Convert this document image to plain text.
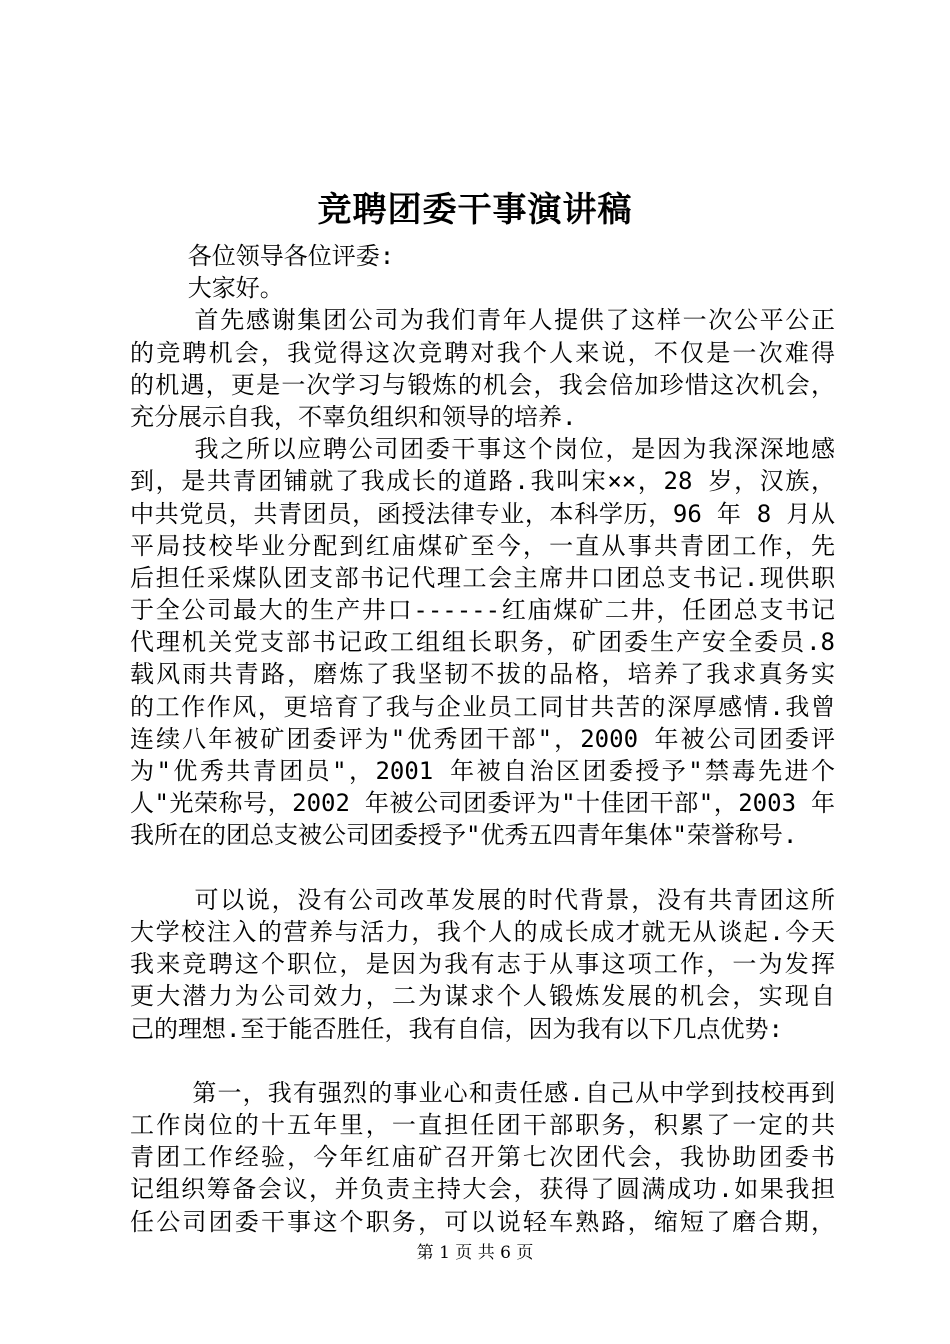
竞聘团委干事演讲稿
各位领导各位评委:
大家好。
首先感谢集团公司为我们青年人提供了这样一次公平公正
的竞聘机会，我觉得这次竞聘对我个人来说，不仅是一次难得
的机遇，更是一次学习与锻炼的机会，我会倍加珍惜这次机会，
充分展示自我，不辜负组织和领导的培养.
我之所以应聘公司团委干事这个岗位，是因为我深深地感
到，是共青团铺就了我成长的道路.我叫宋××，28 岁，汉族，
中共党员，共青团员，函授法律专业，本科学历，96 年 8 月从
平局技校毕业分配到红庙煤矿至今，一直从事共青团工作，先
后担任采煤队团支部书记代理工会主席井口团总支书记.现供职
于全公司最大的生产井口------红庙煤矿二井，任团总支书记
代理机关党支部书记政工组组长职务，矿团委生产安全委员.8
载风雨共青路，磨炼了我坚韧不拔的品格，培养了我求真务实
的工作作风，更培育了我与企业员工同甘共苦的深厚感情.我曾
连续八年被矿团委评为"优秀团干部"，2000 年被公司团委评
为"优秀共青团员"，2001 年被自治区团委授予"禁毒先进个
人"光荣称号，2002 年被公司团委评为"十佳团干部"，2003 年
我所在的团总支被公司团委授予"优秀五四青年集体"荣誉称号.
可以说，没有公司改革发展的时代背景，没有共青团这所
大学校注入的营养与活力，我个人的成长成才就无从谈起.今天
我来竞聘这个职位，是因为我有志于从事这项工作，一为发挥
更大潜力为公司效力，二为谋求个人锻炼发展的机会，实现自
己的理想.至于能否胜任，我有自信，因为我有以下几点优势:
第一，我有强烈的事业心和责任感.自己从中学到技校再到
工作岗位的十五年里，一直担任团干部职务，积累了一定的共
青团工作经验，今年红庙矿召开第七次团代会，我协助团委书
记组织筹备会议，并负责主持大会，获得了圆满成功.如果我担
任公司团委干事这个职务，可以说轻车熟路，缩短了磨合期，
第 1 页 共 6 页
